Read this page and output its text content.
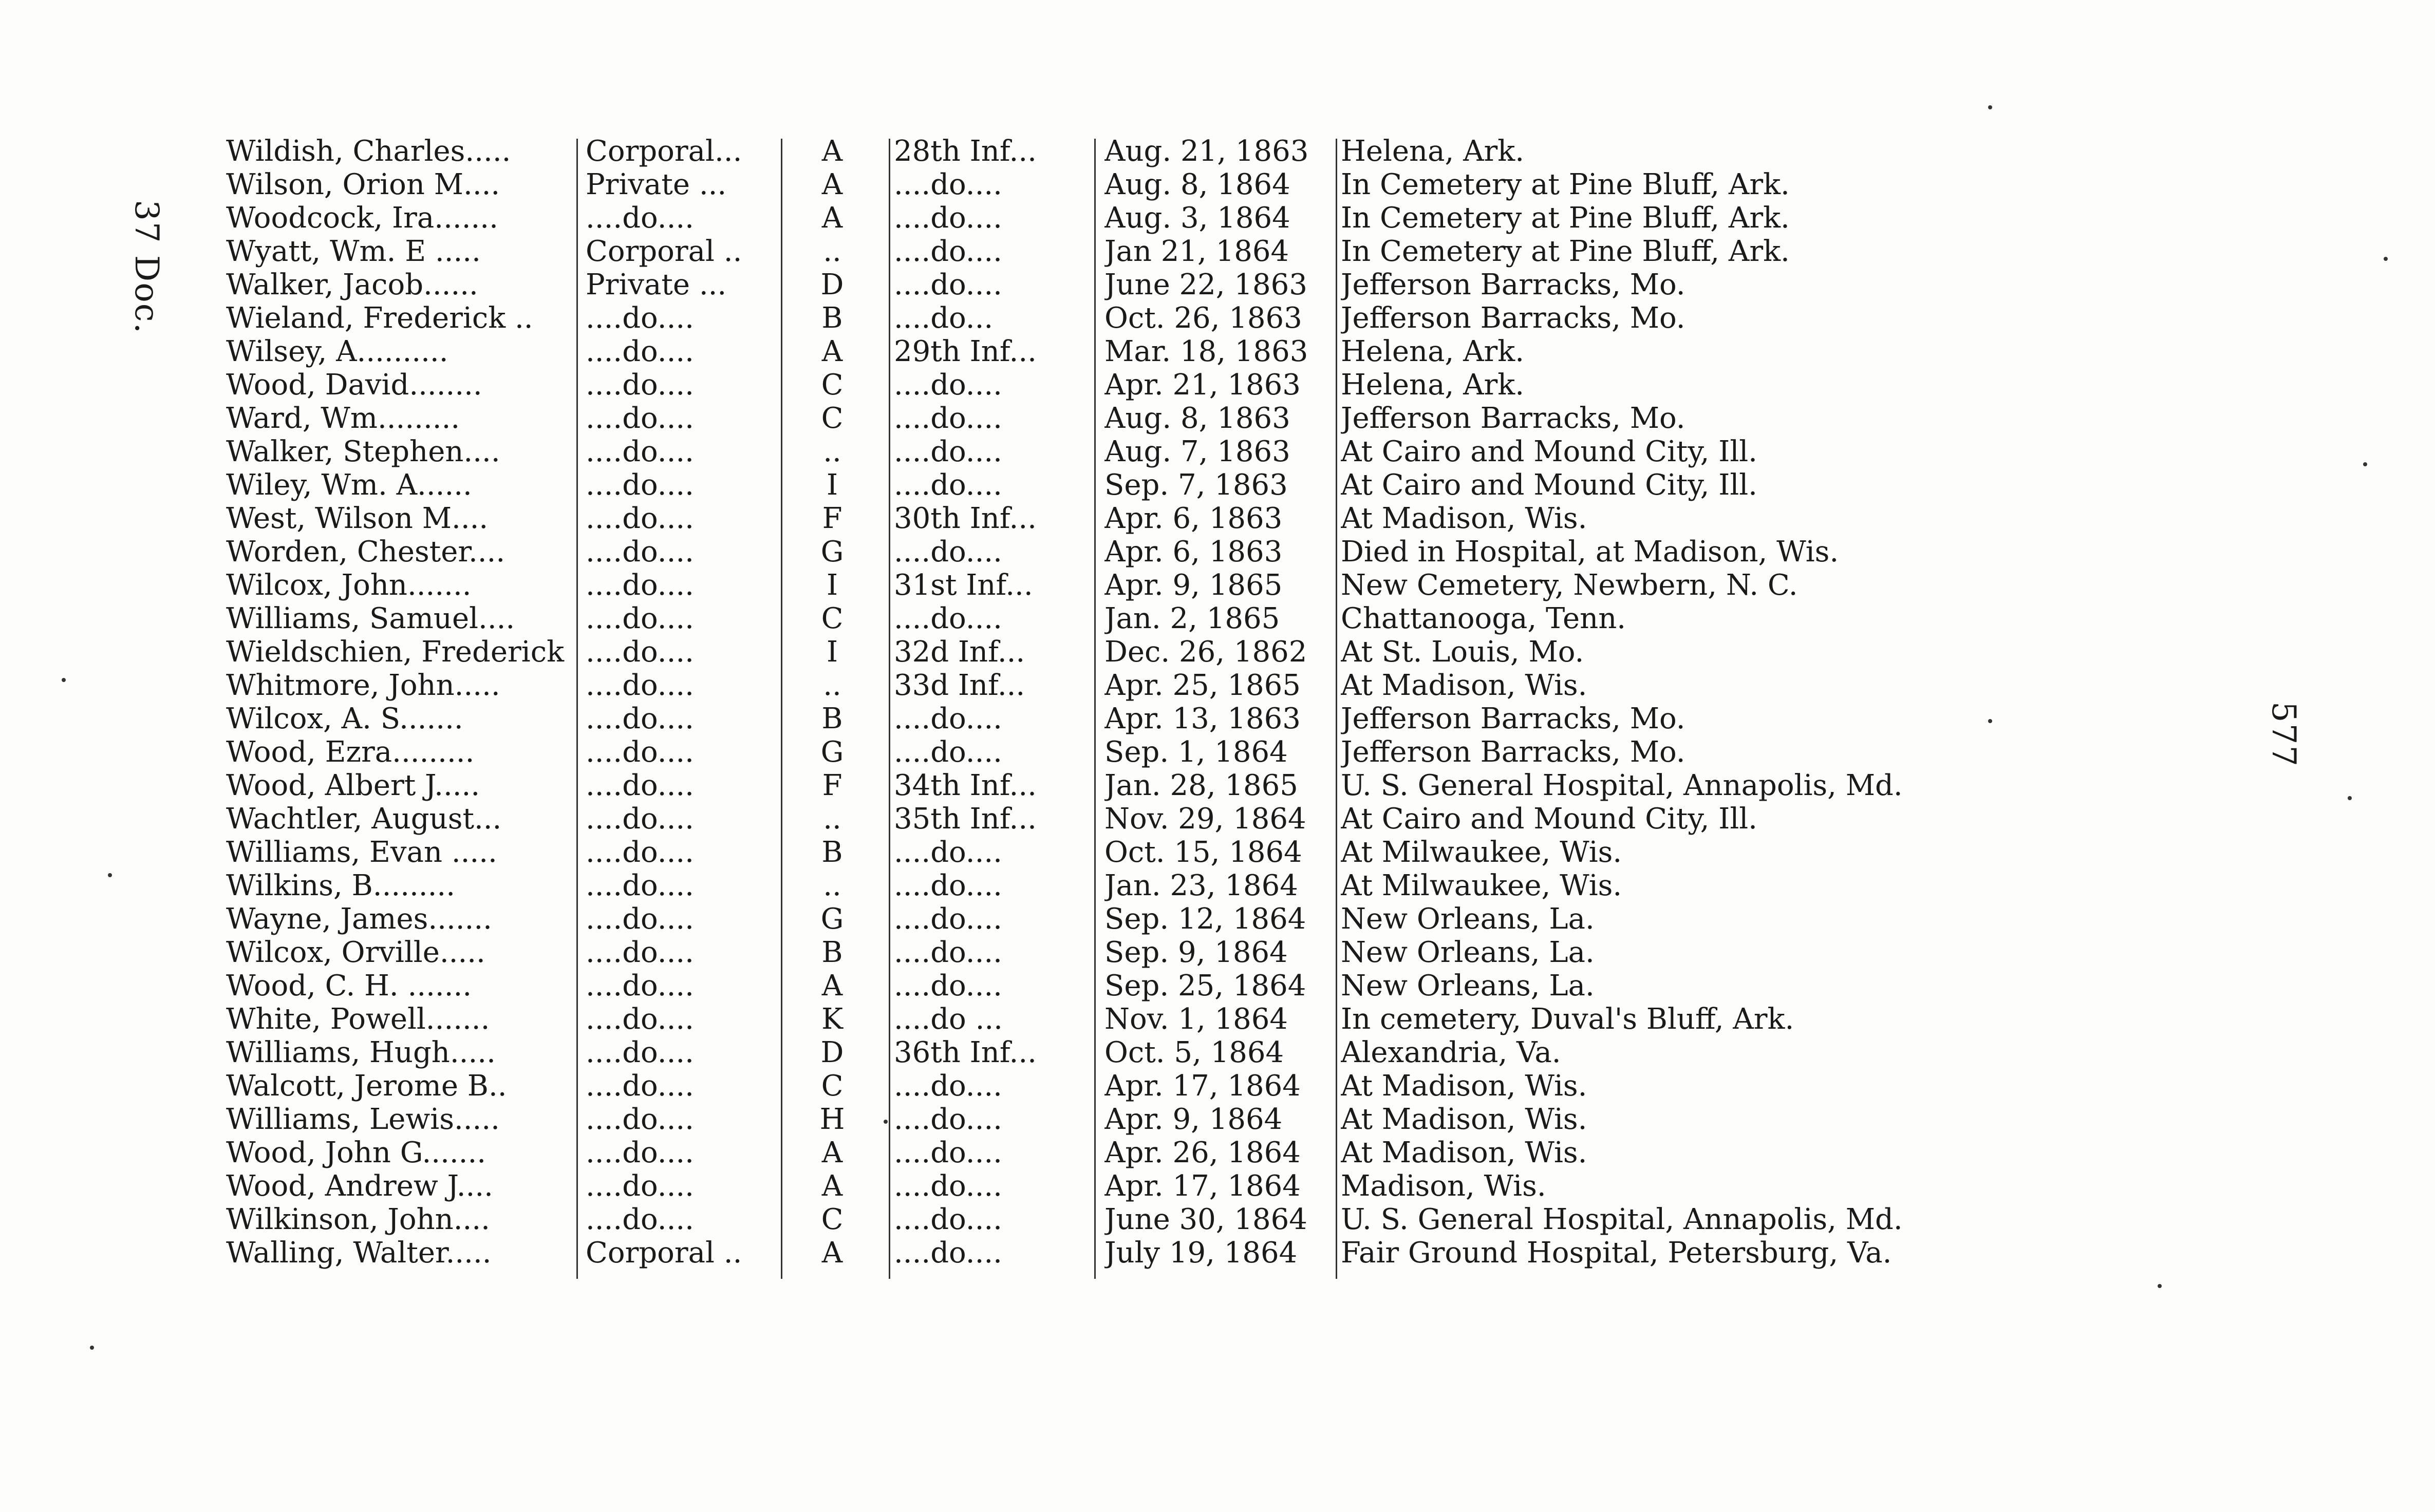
37 Doc.
577
Wildish, Charles.....	Corporal...	A	28th Inf...	Aug. 21, 1863	Helena, Ark.
Wilson, Orion M....	Private ...	A	....do....	Aug. 8, 1864	In Cemetery at Pine Bluff, Ark.
Woodcock, Ira.......	....do....	A	....do....	Aug. 3, 1864	In Cemetery at Pine Bluff, Ark.
Wyatt, Wm. E .....	Corporal ..	..	....do....	Jan 21, 1864	In Cemetery at Pine Bluff, Ark.
Walker, Jacob......	Private ...	D	....do....	June 22, 1863	Jefferson Barracks, Mo.
Wieland, Frederick ..	....do....	B	....do...	Oct. 26, 1863	Jefferson Barracks, Mo.
Wilsey, A..........	....do....	A	29th Inf...	Mar. 18, 1863	Helena, Ark.
Wood, David........	....do....	C	....do....	Apr. 21, 1863	Helena, Ark.
Ward, Wm.........	....do....	C	....do....	Aug. 8, 1863	Jefferson Barracks, Mo.
Walker, Stephen....	....do....	..	....do....	Aug. 7, 1863	At Cairo and Mound City, Ill.
Wiley, Wm. A......	....do....	I	....do....	Sep. 7, 1863	At Cairo and Mound City, Ill.
West, Wilson M....	....do....	F	30th Inf...	Apr. 6, 1863	At Madison, Wis.
Worden, Chester....	....do....	G	....do....	Apr. 6, 1863	Died in Hospital, at Madison, Wis.
Wilcox, John.......	....do....	I	31st Inf...	Apr. 9, 1865	New Cemetery, Newbern, N. C.
Williams, Samuel....	....do....	C	....do....	Jan. 2, 1865	Chattanooga, Tenn.
Wieldschien, Frederick ....do....	I	32d Inf...	Dec. 26, 1862	At St. Louis, Mo.
Whitmore, John.....	....do....	..	33d Inf...	Apr. 25, 1865	At Madison, Wis.
Wilcox, A. S.......	....do....	B	....do....	Apr. 13, 1863	Jefferson Barracks, Mo.
Wood, Ezra.........	....do....	G	....do....	Sep. 1, 1864	Jefferson Barracks, Mo.
Wood, Albert J.....	....do....	F	34th Inf...	Jan. 28, 1865	U. S. General Hospital, Annapolis, Md.
Wachtler, August...	....do....	..	35th Inf...	Nov. 29, 1864	At Cairo and Mound City, Ill.
Williams, Evan .....	....do....	B	....do....	Oct. 15, 1864	At Milwaukee, Wis.
Wilkins, B.........	....do....	..	....do....	Jan. 23, 1864	At Milwaukee, Wis.
Wayne, James.......	....do....	G	....do....	Sep. 12, 1864	New Orleans, La.
Wilcox, Orville.....	....do....	B	....do....	Sep. 9, 1864	New Orleans, La.
Wood, C. H. .......	....do....	A	....do....	Sep. 25, 1864	New Orleans, La.
White, Powell.......	....do....	K	....do ...	Nov. 1, 1864	In cemetery, Duval's Bluff, Ark.
Williams, Hugh.....	....do....	D	36th Inf...	Oct. 5, 1864	Alexandria, Va.
Walcott, Jerome B..	....do....	C	....do....	Apr. 17, 1864	At Madison, Wis.
Williams, Lewis.....	....do....	H	....do....	Apr. 9, 1864	At Madison, Wis.
Wood, John G.......	....do....	A	....do....	Apr. 26, 1864	At Madison, Wis.
Wood, Andrew J....	....do....	A	....do....	Apr. 17, 1864	Madison, Wis.
Wilkinson, John....	....do....	C	....do....	June 30, 1864	U. S. General Hospital, Annapolis, Md.
Walling, Walter.....	Corporal ..	A	....do....	July 19, 1864	Fair Ground Hospital, Petersburg, Va.
